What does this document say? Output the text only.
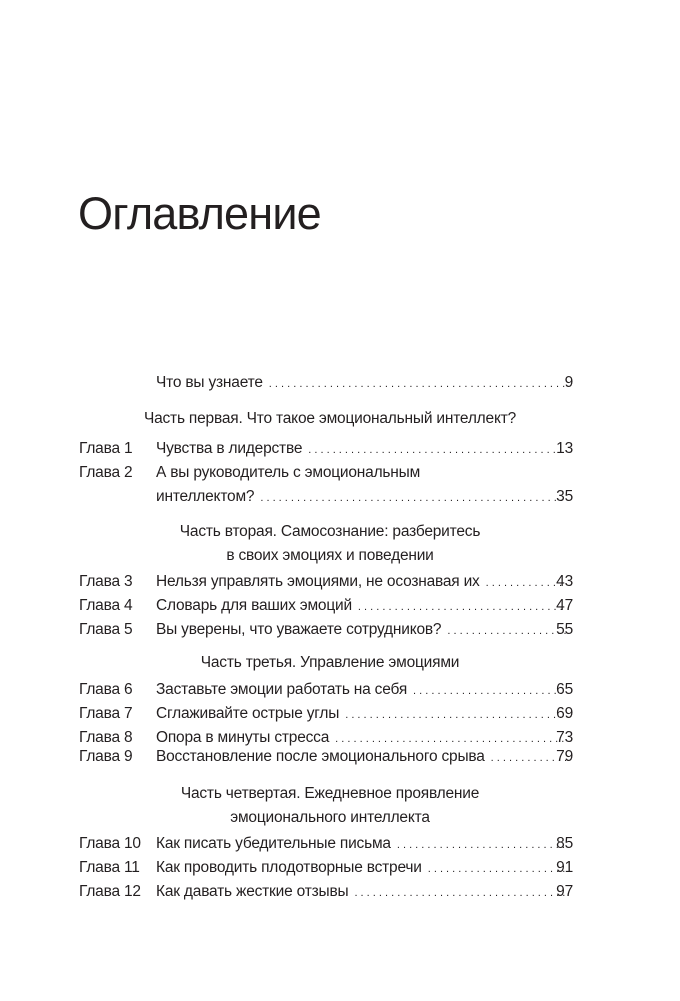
Оглавление
Что вы узнаете . . .	9
Часть первая. Что такое эмоциональный интеллект?
Глава 1 Чувства в лидерстве . . .	13
Глава 2 А вы руководитель с эмоциональным
интеллектом? . . .	35
Часть вторая. Самосознание: разберитесь
в своих эмоциях и поведении
Глава 3 Нельзя управлять эмоциями, не осознавая их . . .	43
Глава 4 Словарь для ваших эмоций . . .	47
Глава 5 Вы уверены, что уважаете сотрудников? . . .	55
Часть третья. Управление эмоциями
Глава 6 Заставьте эмоции работать на себя . . .	65
Глава 7 Сглаживайте острые углы . . .	69
Глава 8 Опора в минуты стресса . . .	73
Глава 9 Восстановление после эмоционального срыва . . .	79
Часть четвертая. Ежедневное проявление
эмоционального интеллекта
Глава 10 Как писать убедительные письма . . .	85
Глава 11 Как проводить плодотворные встречи . . .	91
Глава 12 Как давать жесткие отзывы . . .	97
